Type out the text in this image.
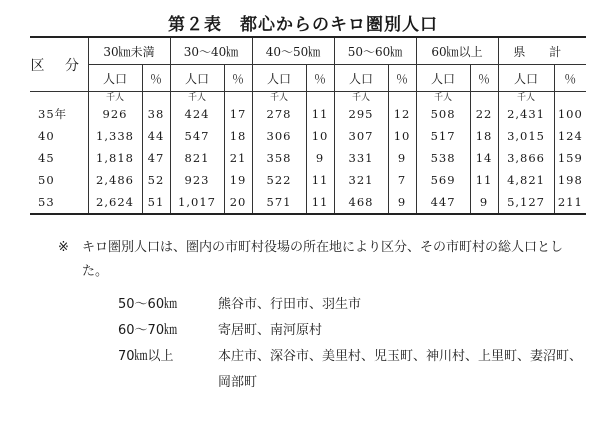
第２表 都心からのキロ圏別人口
区 分	30㎞未満		30～40㎞		40～50㎞		50～60㎞		60㎞以上		県 計	
	人口	％	人口	％	人口	％	人口	％	人口	％	人口	％
	千人		千人		千人		千人		千人		千人	
35年	926	38	424	17	278	11	295	12	508	22	2,431	100
40	1,338	44	547	18	306	10	307	10	517	18	3,015	124
45	1,818	47	821	21	358	9	331	9	538	14	3,866	159
50	2,486	52	923	19	522	11	321	7	569	11	4,821	198
53	2,624	51	1,017	20	571	11	468	9	447	9	5,127	211
※	キロ圏別人口は、圏内の市町村役場の所在地により区分、その市町村の総人口とした。
50～60㎞	熊谷市、行田市、羽生市
60～70㎞	寄居町、南河原村
70㎞以上	本庄市、深谷市、美里村、児玉町、神川村、上里町、妻沼町、岡部町
